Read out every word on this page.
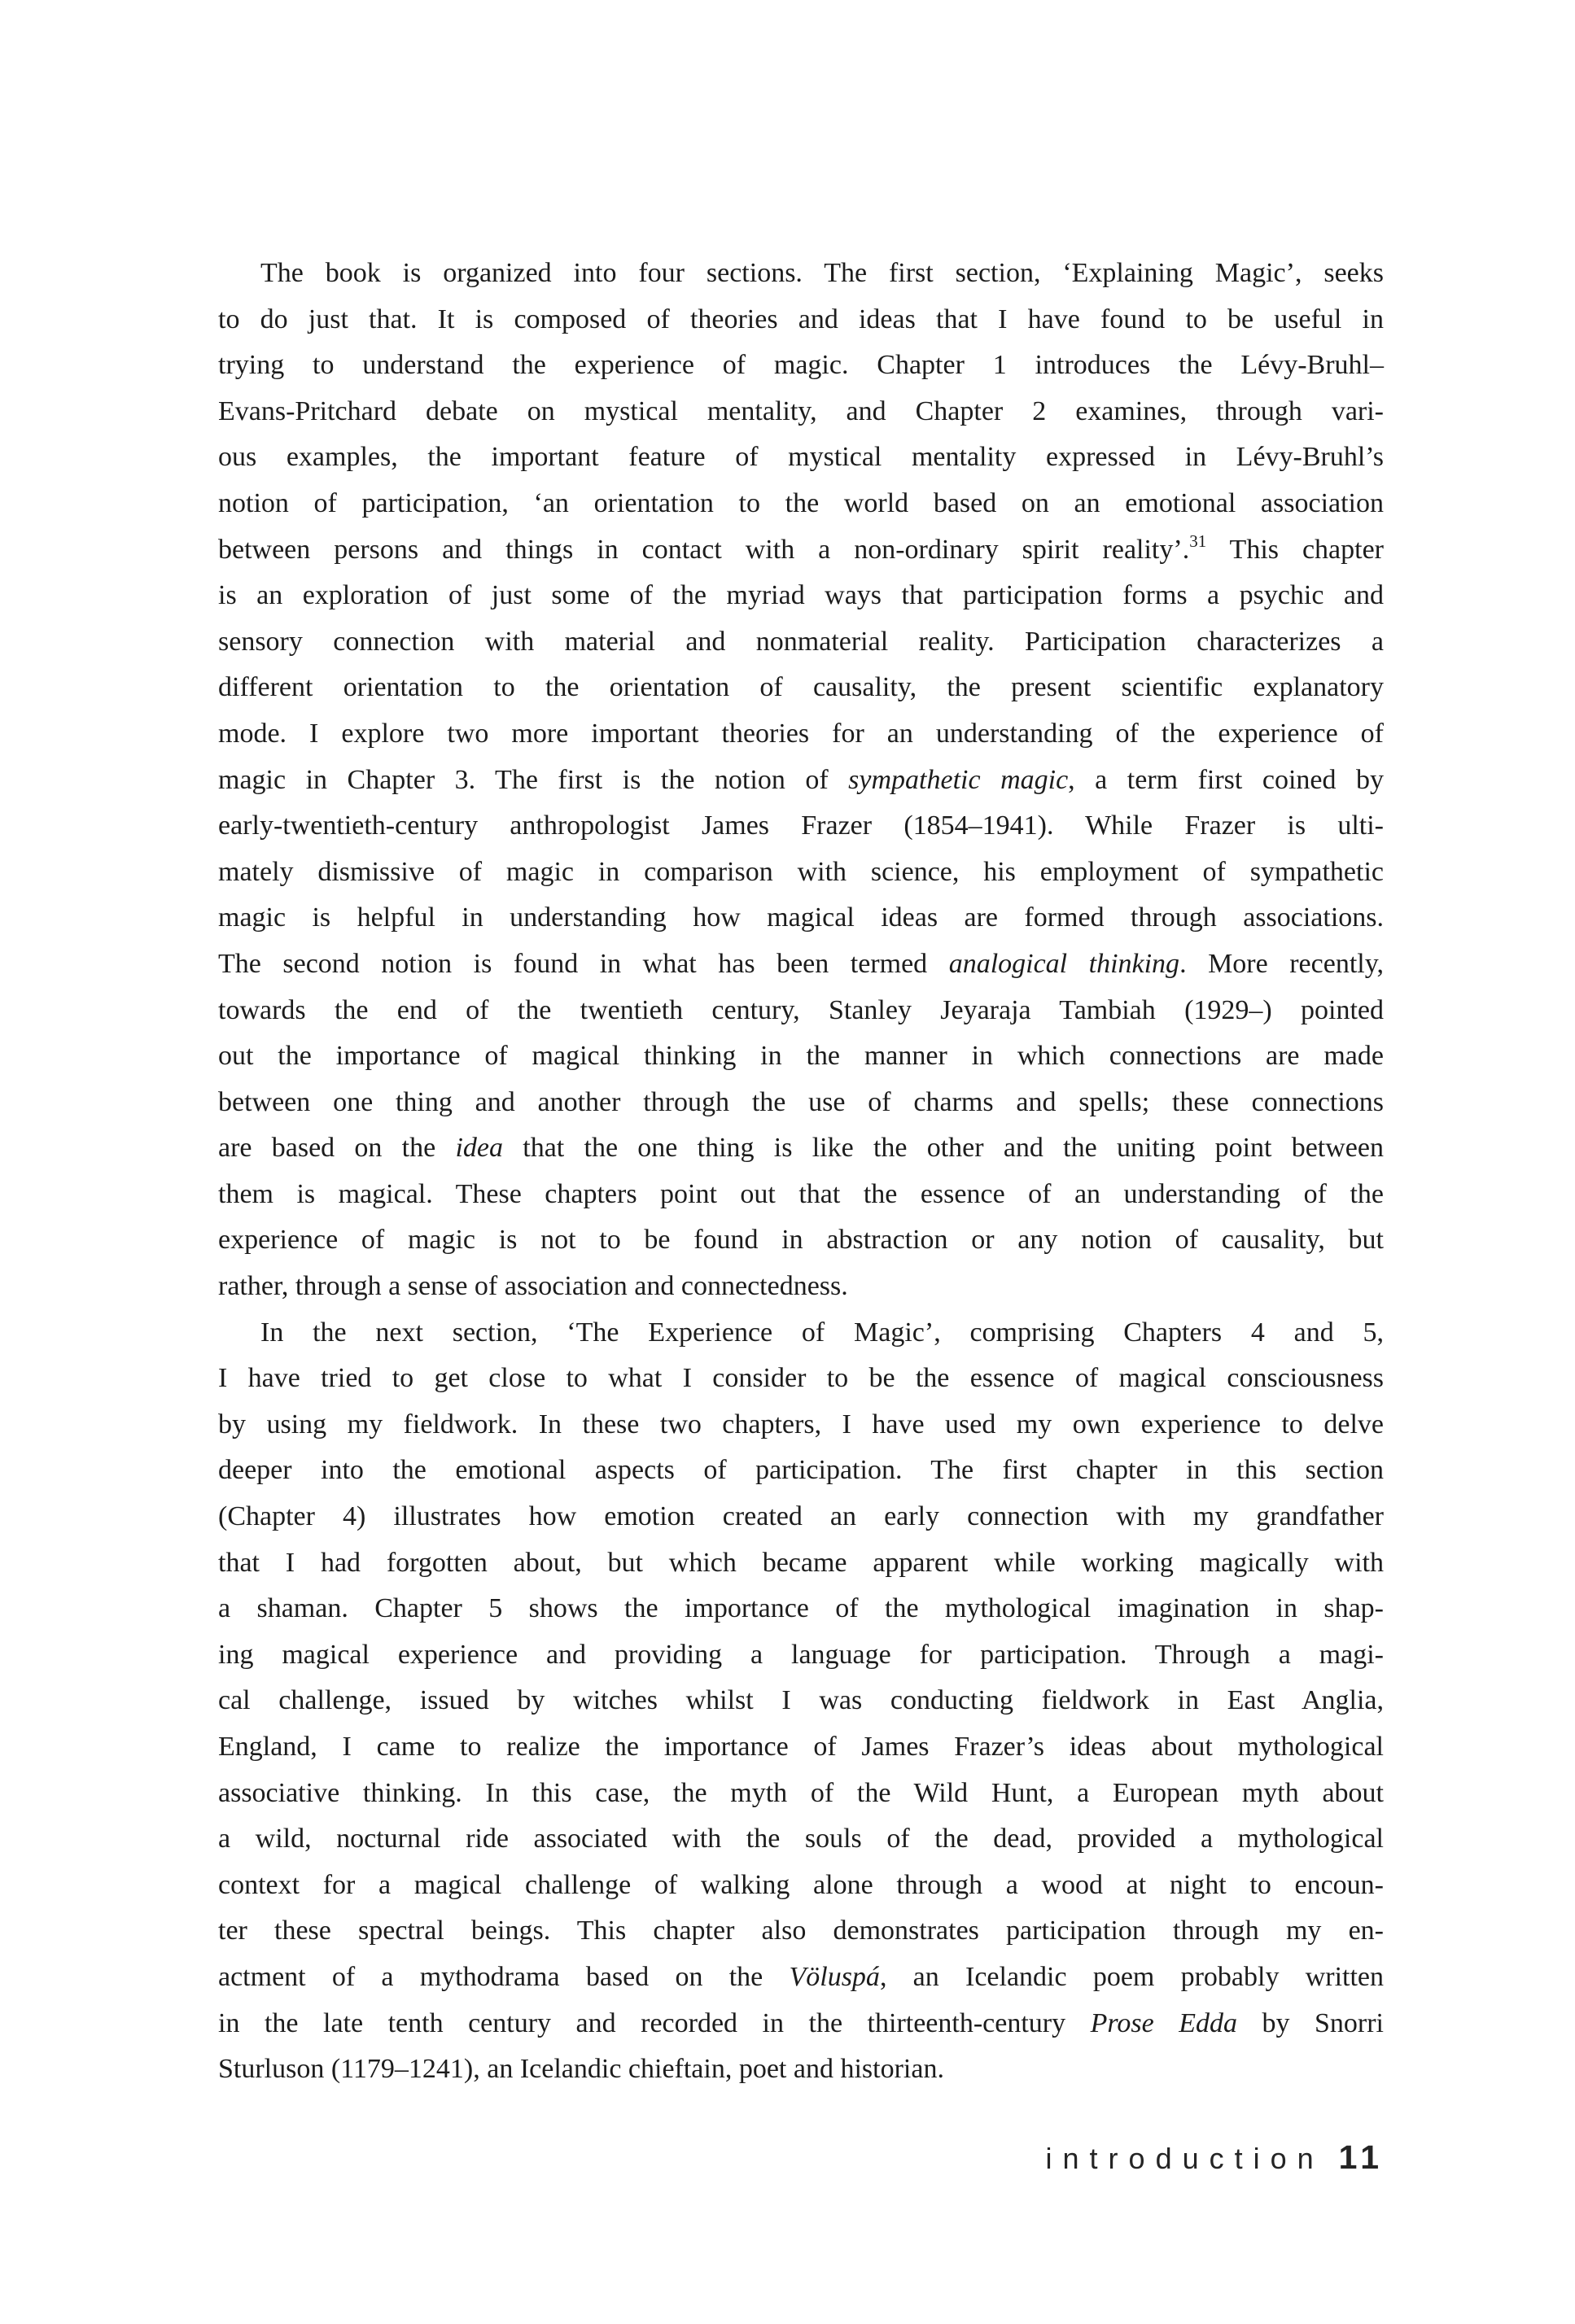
The book is organized into four sections. The first section, ‘Explaining Magic’, seeks
to do just that. It is composed of theories and ideas that I have found to be useful in
trying to understand the experience of magic. Chapter 1 introduces the Lévy-Bruhl–
Evans-Pritchard debate on mystical mentality, and Chapter 2 examines, through vari-
ous examples, the important feature of mystical mentality expressed in Lévy-Bruhl’s
notion of participation, ‘an orientation to the world based on an emotional association
between persons and things in contact with a non-ordinary spirit reality’.$^{31}$ This chapter
is an exploration of just some of the myriad ways that participation forms a psychic and
sensory connection with material and nonmaterial reality. Participation characterizes a
different orientation to the orientation of causality, the present scientific explanatory
mode. I explore two more important theories for an understanding of the experience of
magic in Chapter 3. The first is the notion of sympathetic magic, a term first coined by
early-twentieth-century anthropologist James Frazer (1854–1941). While Frazer is ulti-
mately dismissive of magic in comparison with science, his employment of sympathetic
magic is helpful in understanding how magical ideas are formed through associations.
The second notion is found in what has been termed analogical thinking. More recently,
towards the end of the twentieth century, Stanley Jeyaraja Tambiah (1929–) pointed
out the importance of magical thinking in the manner in which connections are made
between one thing and another through the use of charms and spells; these connections
are based on the idea that the one thing is like the other and the uniting point between
them is magical. These chapters point out that the essence of an understanding of the
experience of magic is not to be found in abstraction or any notion of causality, but
rather, through a sense of association and connectedness.
In the next section, ‘The Experience of Magic’, comprising Chapters 4 and 5,
I have tried to get close to what I consider to be the essence of magical consciousness
by using my fieldwork. In these two chapters, I have used my own experience to delve
deeper into the emotional aspects of participation. The first chapter in this section
(Chapter 4) illustrates how emotion created an early connection with my grandfather
that I had forgotten about, but which became apparent while working magically with
a shaman. Chapter 5 shows the importance of the mythological imagination in shap-
ing magical experience and providing a language for participation. Through a magi-
cal challenge, issued by witches whilst I was conducting fieldwork in East Anglia,
England, I came to realize the importance of James Frazer’s ideas about mythological
associative thinking. In this case, the myth of the Wild Hunt, a European myth about
a wild, nocturnal ride associated with the souls of the dead, provided a mythological
context for a magical challenge of walking alone through a wood at night to encoun-
ter these spectral beings. This chapter also demonstrates participation through my en-
actment of a mythodrama based on the Völuspá, an Icelandic poem probably written
in the late tenth century and recorded in the thirteenth-century Prose Edda by Snorri
Sturluson (1179–1241), an Icelandic chieftain, poet and historian.
introduction 11
